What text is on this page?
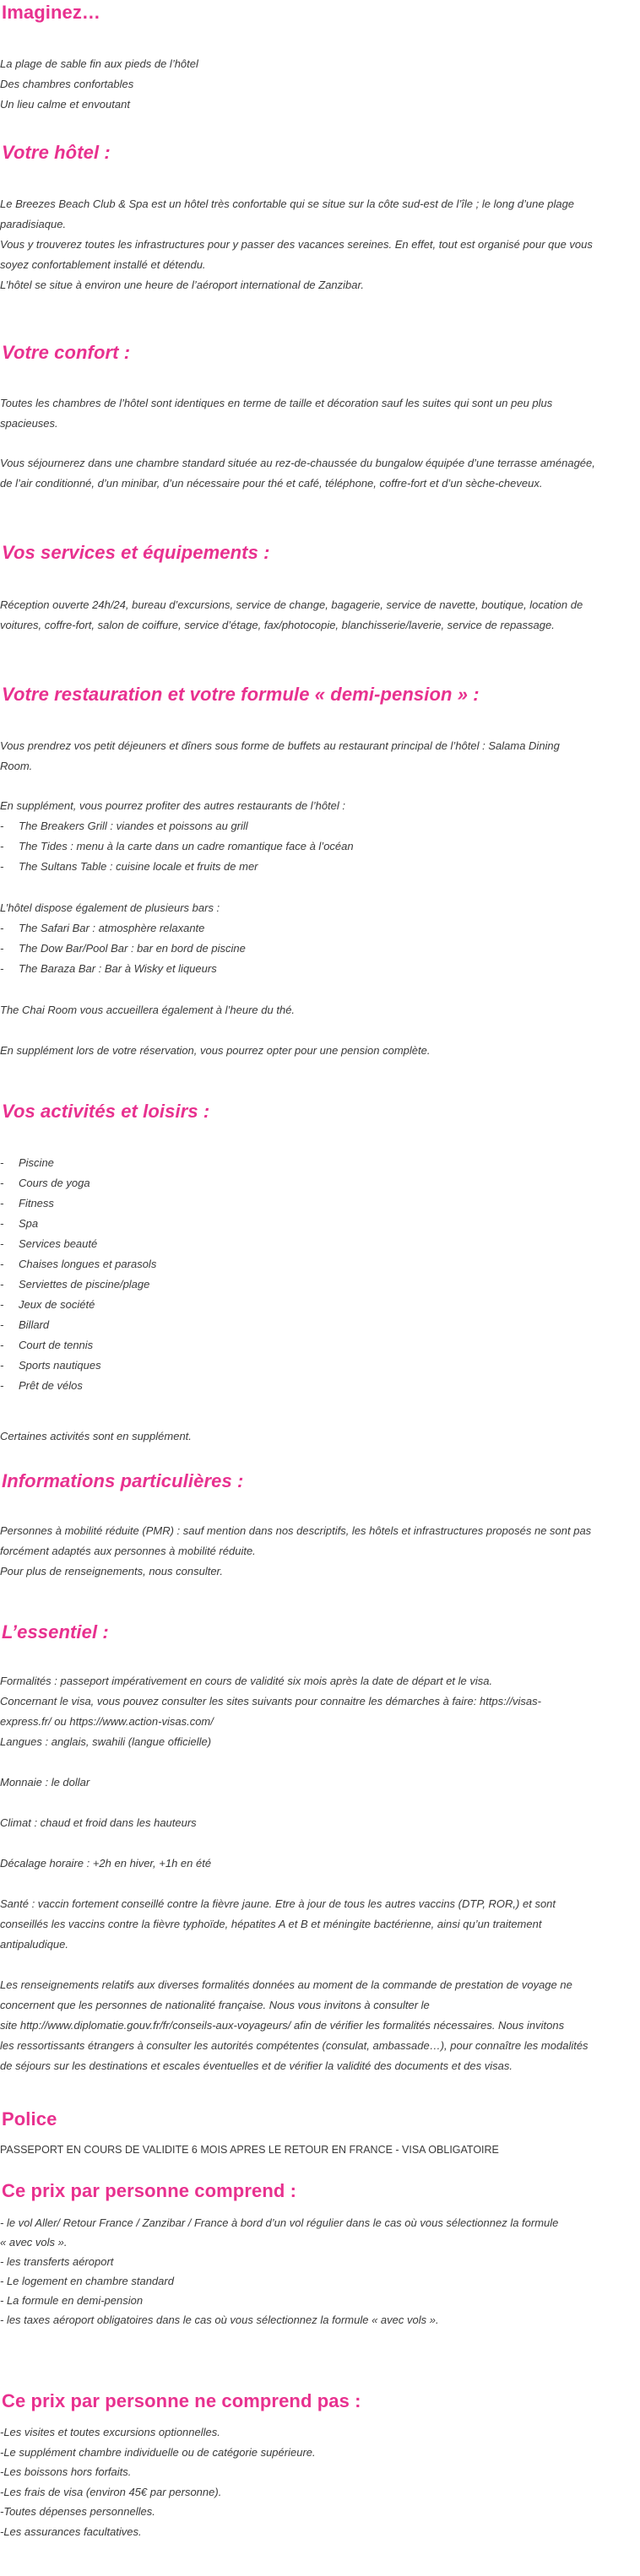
Imaginez…
La plage de sable fin aux pieds de l’hôtel
Des chambres confortables
Un lieu calme et envoutant
Votre hôtel :
Le Breezes Beach Club & Spa est un hôtel très confortable qui se situe sur la côte sud-est de l’île ; le long d’une plage
paradisiaque.
Vous y trouverez toutes les infrastructures pour y passer des vacances sereines. En effet, tout est organisé pour que vous
soyez confortablement installé et détendu.
L’hôtel se situe à environ une heure de l’aéroport international de Zanzibar.
Votre confort :
Toutes les chambres de l’hôtel sont identiques en terme de taille et décoration sauf les suites qui sont un peu plus
spacieuses.
Vous séjournerez dans une chambre standard située au rez-de-chaussée du bungalow équipée d’une terrasse aménagée,
de l’air conditionné, d’un minibar, d’un nécessaire pour thé et café, téléphone, coffre-fort et d’un sèche-cheveux.
Vos services et équipements :
Réception ouverte 24h/24, bureau d’excursions, service de change, bagagerie, service de navette, boutique, location de
voitures, coffre-fort, salon de coiffure, service d’étage, fax/photocopie, blanchisserie/laverie, service de repassage.
Votre restauration et votre formule « demi-pension » :
Vous prendrez vos petit déjeuners et dîners sous forme de buffets au restaurant principal de l’hôtel : Salama Dining
Room.
En supplément, vous pourrez profiter des autres restaurants de l’hôtel :
- The Breakers Grill : viandes et poissons au grill
- The Tides : menu à la carte dans un cadre romantique face à l’océan
- The Sultans Table : cuisine locale et fruits de mer
L’hôtel dispose également de plusieurs bars :
- The Safari Bar : atmosphère relaxante
- The Dow Bar/Pool Bar : bar en bord de piscine
- The Baraza Bar : Bar à Wisky et liqueurs
The Chai Room vous accueillera également à l’heure du thé.
En supplément lors de votre réservation, vous pourrez opter pour une pension complète.
Vos activités et loisirs :
- Piscine
- Cours de yoga
- Fitness
- Spa
- Services beauté
- Chaises longues et parasols
- Serviettes de piscine/plage
- Jeux de société
- Billard
- Court de tennis
- Sports nautiques
- Prêt de vélos
Certaines activités sont en supplément.
Informations particulières :
Personnes à mobilité réduite (PMR) : sauf mention dans nos descriptifs, les hôtels et infrastructures proposés ne sont pas
forcément adaptés aux personnes à mobilité réduite.
Pour plus de renseignements, nous consulter.
L’essentiel :
Formalités : passeport impérativement en cours de validité six mois après la date de départ et le visa.
Concernant le visa, vous pouvez consulter les sites suivants pour connaitre les démarches à faire: https://visas-
express.fr/ ou https://www.action-visas.com/
Langues : anglais, swahili (langue officielle)
Monnaie : le dollar
Climat : chaud et froid dans les hauteurs
Décalage horaire : +2h en hiver, +1h en été
Santé : vaccin fortement conseillé contre la fièvre jaune. Etre à jour de tous les autres vaccins (DTP, ROR,) et sont
conseillés les vaccins contre la fièvre typhoïde, hépatites A et B et méningite bactérienne, ainsi qu’un traitement
antipaludique.
Les renseignements relatifs aux diverses formalités données au moment de la commande de prestation de voyage ne
concernent que les personnes de nationalité française. Nous vous invitons à consulter le
site http://www.diplomatie.gouv.fr/fr/conseils-aux-voyageurs/ afin de vérifier les formalités nécessaires. Nous invitons
les ressortissants étrangers à consulter les autorités compétentes (consulat, ambassade…), pour connaître les modalités
de séjours sur les destinations et escales éventuelles et de vérifier la validité des documents et des visas.
Police
PASSEPORT EN COURS DE VALIDITE 6 MOIS APRES LE RETOUR EN FRANCE - VISA OBLIGATOIRE
Ce prix par personne comprend :
- le vol Aller/ Retour France / Zanzibar / France à bord d’un vol régulier dans le cas où vous sélectionnez la formule
« avec vols ».
- les transferts aéroport
- Le logement en chambre standard
- La formule en demi-pension
- les taxes aéroport obligatoires dans le cas où vous sélectionnez la formule « avec vols ».
Ce prix par personne ne comprend pas :
-Les visites et toutes excursions optionnelles.
-Le supplément chambre individuelle ou de catégorie supérieure.
-Les boissons hors forfaits.
-Les frais de visa (environ 45€ par personne).
-Toutes dépenses personnelles.
-Les assurances facultatives.
